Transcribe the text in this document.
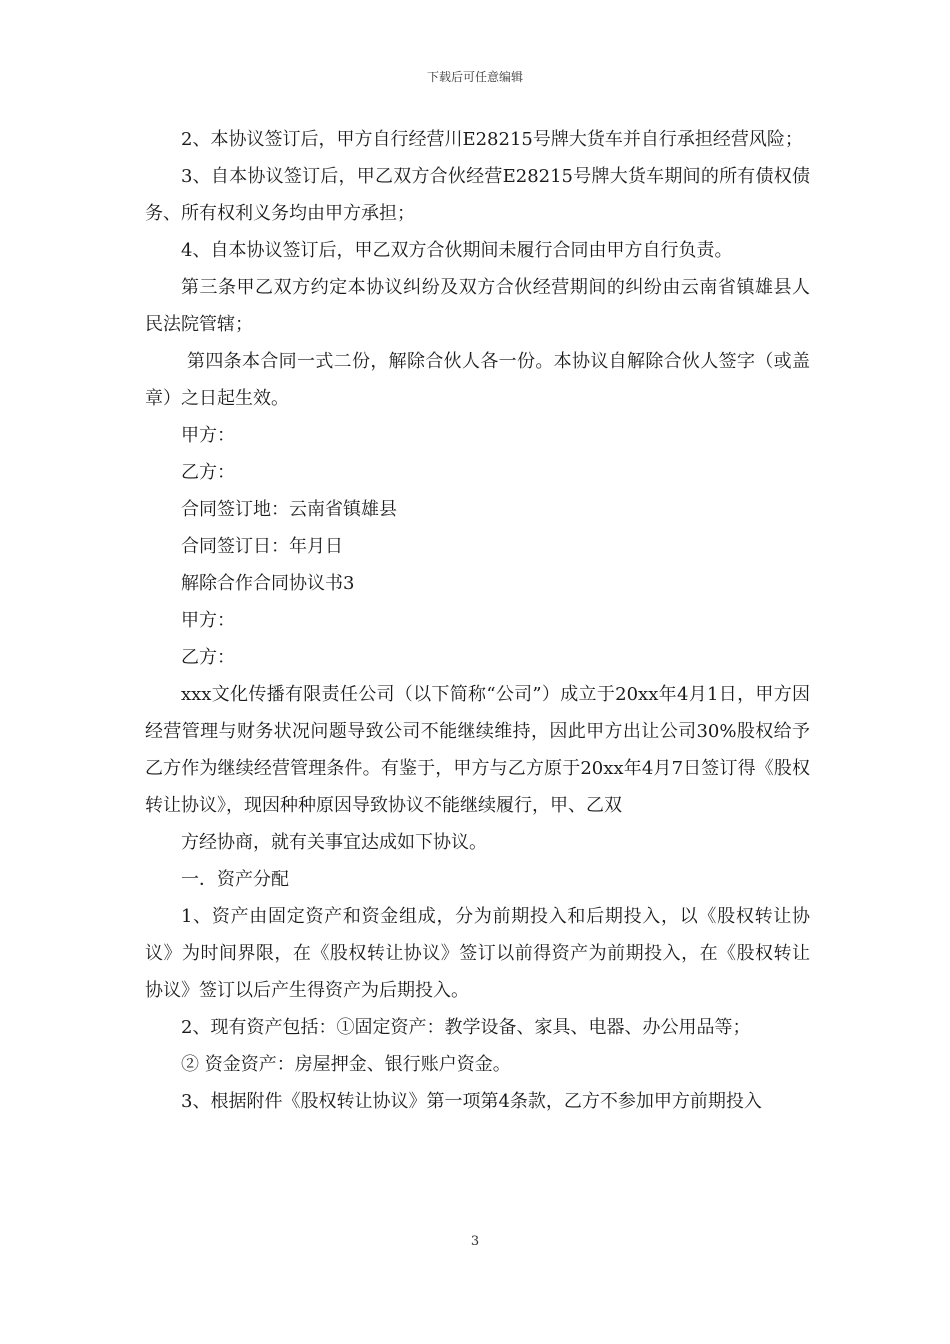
下载后可任意编辑

2、本协议签订后，甲方自行经营川E28215号牌大货车并自行承担经营风险；

3、自本协议签订后，甲乙双方合伙经营E28215号牌大货车期间的所有债权债务、所有权利义务均由甲方承担；

4、自本协议签订后，甲乙双方合伙期间未履行合同由甲方自行负责。

第三条甲乙双方约定本协议纠纷及双方合伙经营期间的纠纷由云南省镇雄县人民法院管辖；

第四条本合同一式二份，解除合伙人各一份。本协议自解除合伙人签字（或盖章）之日起生效。

甲方：

乙方：

合同签订地：云南省镇雄县

合同签订日：年月日

解除合作合同协议书3

甲方：

乙方：

xxx文化传播有限责任公司（以下简称“公司”）成立于20xx年4月1日，甲方因经营管理与财务状况问题导致公司不能继续维持，因此甲方出让公司30%股权给予乙方作为继续经营管理条件。有鉴于，甲方与乙方原于20xx年4月7日签订得《股权转让协议》，现因种种原因导致协议不能继续履行，甲、乙双

方经协商，就有关事宜达成如下协议。

一．资产分配

1、资产由固定资产和资金组成，分为前期投入和后期投入，以《股权转让协议》为时间界限，在《股权转让协议》签订以前得资产为前期投入，在《股权转让协议》签订以后产生得资产为后期投入。

2、现有资产包括：①固定资产：教学设备、家具、电器、办公用品等；

② 资金资产：房屋押金、银行账户资金。

3、根据附件《股权转让协议》第一项第4条款，乙方不参加甲方前期投入

3
